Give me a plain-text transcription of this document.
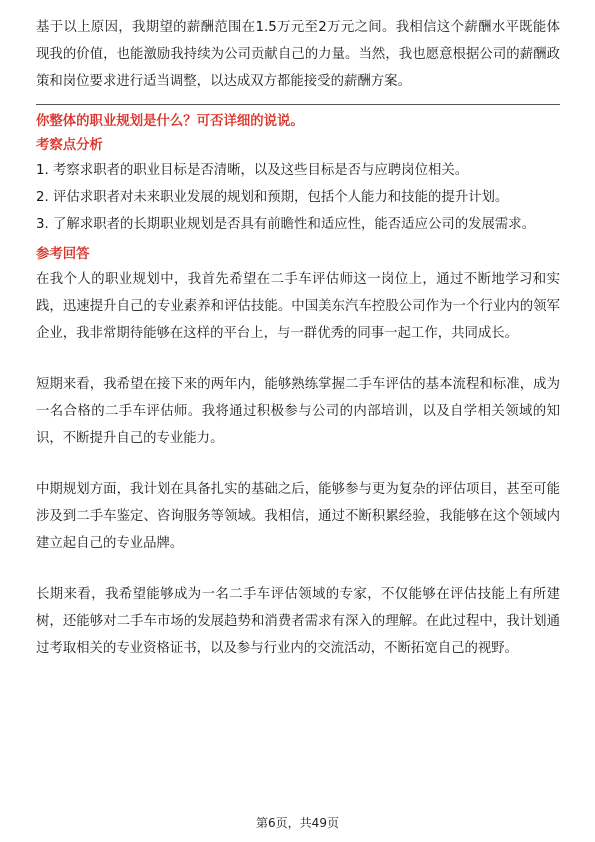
基于以上原因，我期望的薪酬范围在1.5万元至2万元之间。我相信这个薪酬水平既能体现我的价值，也能激励我持续为公司贡献自己的力量。当然，我也愿意根据公司的薪酬政策和岗位要求进行适当调整，以达成双方都能接受的薪酬方案。

你整体的职业规划是什么？可否详细的说说。

考察点分析

1. 考察求职者的职业目标是否清晰，以及这些目标是否与应聘岗位相关。

2. 评估求职者对未来职业发展的规划和预期，包括个人能力和技能的提升计划。

3. 了解求职者的长期职业规划是否具有前瞻性和适应性，能否适应公司的发展需求。

参考回答

在我个人的职业规划中，我首先希望在二手车评估师这一岗位上，通过不断地学习和实践，迅速提升自己的专业素养和评估技能。中国美东汽车控股公司作为一个行业内的领军企业，我非常期待能够在这样的平台上，与一群优秀的同事一起工作，共同成长。

短期来看，我希望在接下来的两年内，能够熟练掌握二手车评估的基本流程和标准，成为一名合格的二手车评估师。我将通过积极参与公司的内部培训，以及自学相关领域的知识，不断提升自己的专业能力。

中期规划方面，我计划在具备扎实的基础之后，能够参与更为复杂的评估项目，甚至可能涉及到二手车鉴定、咨询服务等领域。我相信，通过不断积累经验，我能够在这个领域内建立起自己的专业品牌。

长期来看，我希望能够成为一名二手车评估领域的专家，不仅能够在评估技能上有所建树，还能够对二手车市场的发展趋势和消费者需求有深入的理解。在此过程中，我计划通过考取相关的专业资格证书，以及参与行业内的交流活动，不断拓宽自己的视野。

第6页，共49页
